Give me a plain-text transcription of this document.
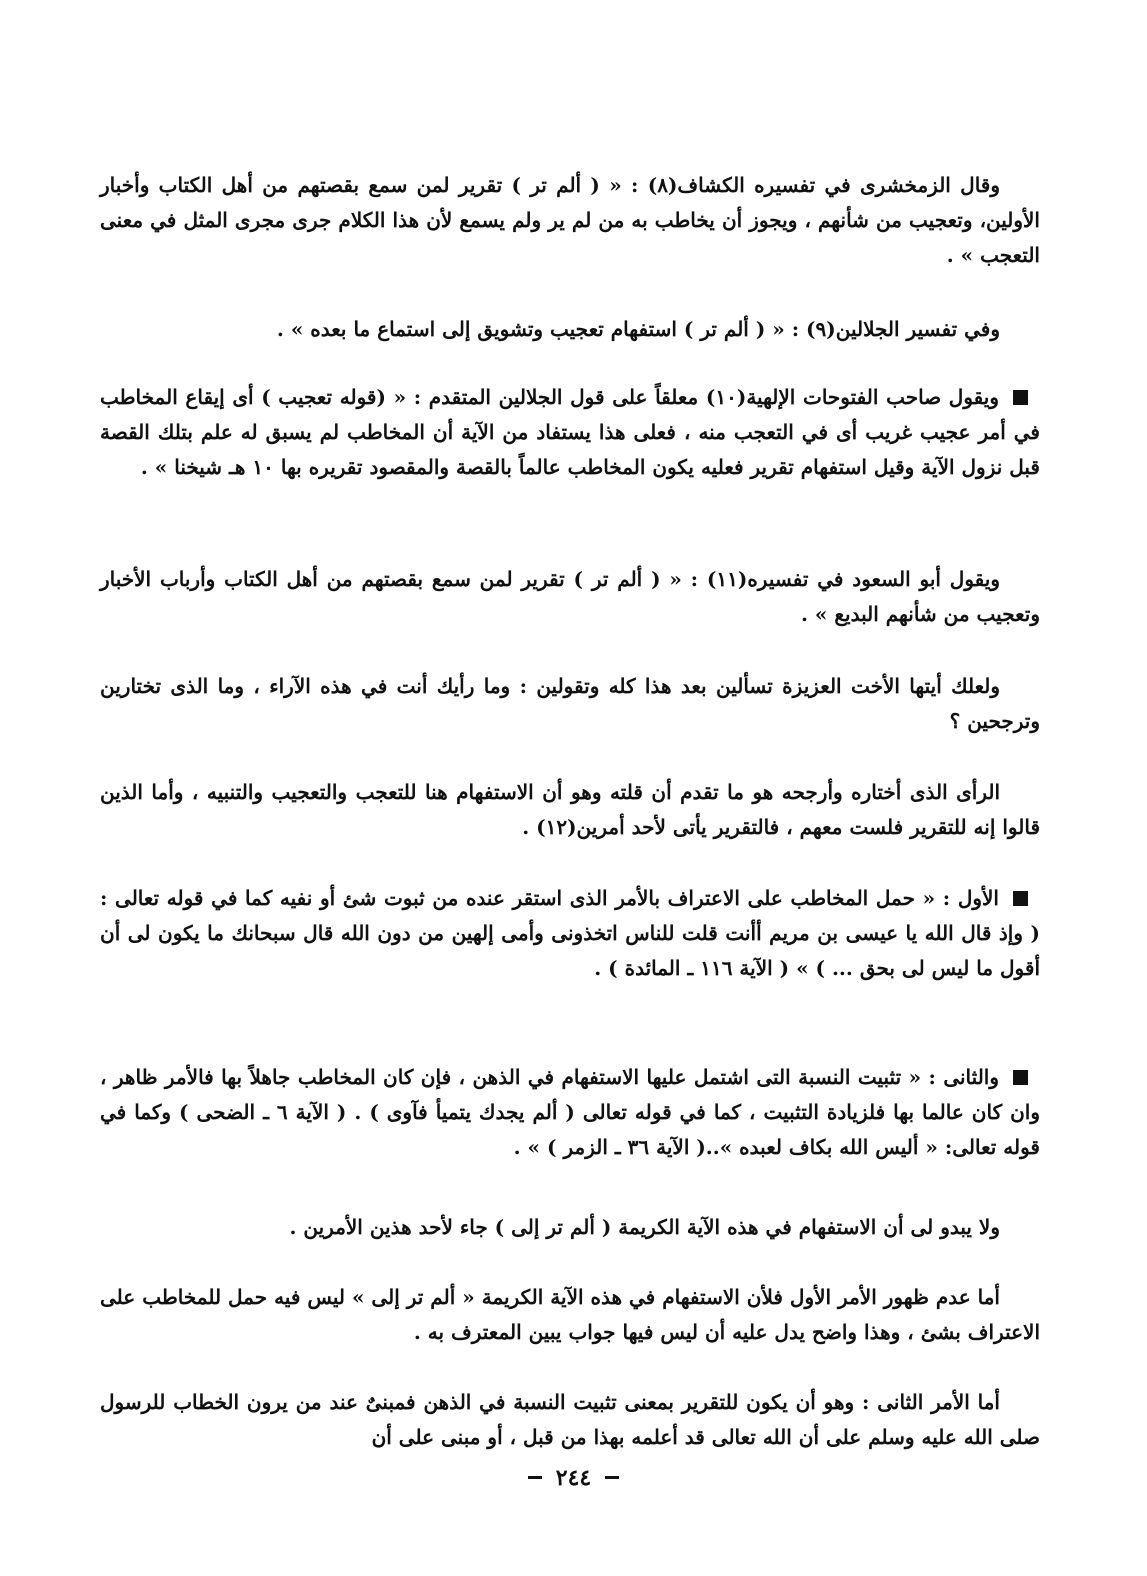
وقال الزمخشرى في تفسيره الكشاف(٨) : « ( ألم تر ) تقرير لمن سمع بقصتهم من أهل الكتاب وأخبار الأولين، وتعجيب من شأنهم ، ويجوز أن يخاطب به من لم ير ولم يسمع لأن هذا الكلام جرى مجرى المثل في معنى التعجب » .
وفي تفسير الجلالين(٩) : « ( ألم تر ) استفهام تعجيب وتشويق إلى استماع ما بعده » .
ويقول صاحب الفتوحات الإلهية(١٠) معلقاً على قول الجلالين المتقدم : « (قوله تعجيب ) أى إيقاع المخاطب في أمر عجيب غريب أى في التعجب منه ، فعلى هذا يستفاد من الآية أن المخاطب لم يسبق له علم بتلك القصة قبل نزول الآية وقيل استفهام تقرير فعليه يكون المخاطب عالماً بالقصة والمقصود تقريره بها ١٠ هـ شيخنا » .
ويقول أبو السعود في تفسيره(١١) : « ( ألم تر ) تقرير لمن سمع بقصتهم من أهل الكتاب وأرباب الأخبار وتعجيب من شأنهم البديع » .
ولعلك أيتها الأخت العزيزة تسألين بعد هذا كله وتقولين : وما رأيك أنت في هذه الآراء ، وما الذى تختارين وترجحين ؟
الرأى الذى أختاره وأرجحه هو ما تقدم أن قلته وهو أن الاستفهام هنا للتعجب والتعجيب والتنبيه ، وأما الذين قالوا إنه للتقرير فلست معهم ، فالتقرير يأتى لأحد أمرين(١٢) .
الأول : « حمل المخاطب على الاعتراف بالأمر الذى استقر عنده من ثبوت شئ أو نفيه كما في قوله تعالى : ( وإذ قال الله يا عيسى بن مريم أأنت قلت للناس اتخذونى وأمى إلهين من دون الله قال سبحانك ما يكون لى أن أقول ما ليس لى بحق ... ) » ( الآية ١١٦ ـ المائدة ) .
والثانى : « تثبيت النسبة التى اشتمل عليها الاستفهام في الذهن ، فإن كان المخاطب جاهلاً بها فالأمر ظاهر ، وان كان عالما بها فلزيادة التثبيت ، كما في قوله تعالى ( ألم يجدك يتميأ فآوى ) . ( الآية ٦ ـ الضحى ) وكما في قوله تعالى: « أليس الله بكاف لعبده »..( الآية ٣٦ ـ الزمر ) » .
ولا يبدو لى أن الاستفهام في هذه الآية الكريمة ( ألم تر إلى ) جاء لأحد هذين الأمرين .
أما عدم ظهور الأمر الأول فلأن الاستفهام في هذه الآية الكريمة « ألم تر إلى » ليس فيه حمل للمخاطب على الاعتراف بشئ ، وهذا واضح يدل عليه أن ليس فيها جواب يبين المعترف به .
أما الأمر الثانى : وهو أن يكون للتقرير بمعنى تثبيت النسبة في الذهن فمبنىٌ عند من يرون الخطاب للرسول صلى الله عليه وسلم على أن الله تعالى قد أعلمه بهذا من قبل ، أو مبنى على أن
٢٤٤
